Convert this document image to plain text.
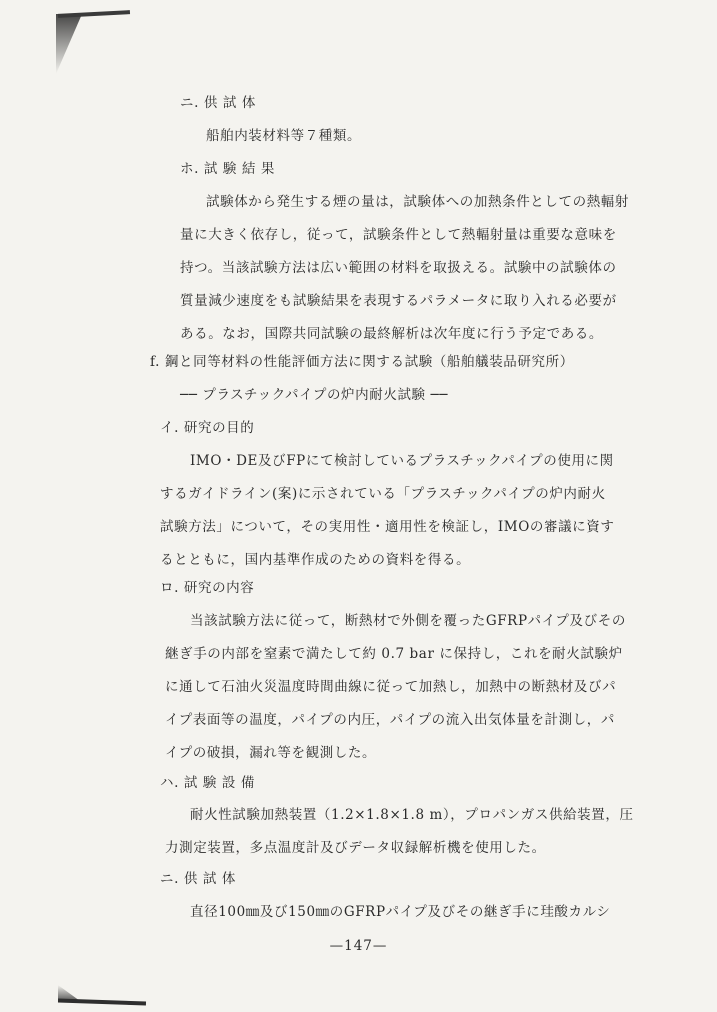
ニ. 供 試 体
船舶内装材料等７種類。
ホ. 試 験 結 果
試験体から発生する煙の量は，試験体への加熱条件としての熱輻射
量に大きく依存し，従って，試験条件として熱輻射量は重要な意味を
持つ。当該試験方法は広い範囲の材料を取扱える。試験中の試験体の
質量減少速度をも試験結果を表現するパラメータに取り入れる必要が
ある。なお，国際共同試験の最終解析は次年度に行う予定である。
f. 鋼と同等材料の性能評価方法に関する試験（船舶艤装品研究所）
── プラスチックパイプの炉内耐火試験 ──
イ. 研究の目的
IMO・DE及びFPにて検討しているプラスチックパイプの使用に関
するガイドライン(案)に示されている「プラスチックパイプの炉内耐火
試験方法」について，その実用性・適用性を検証し，IMOの審議に資す
るとともに，国内基準作成のための資料を得る。
ロ. 研究の内容
当該試験方法に従って，断熱材で外側を覆ったGFRPパイプ及びその
継ぎ手の内部を窒素で満たして約 0.7 bar に保持し，これを耐火試験炉
に通して石油火災温度時間曲線に従って加熱し，加熱中の断熱材及びパ
イプ表面等の温度，パイプの内圧，パイプの流入出気体量を計測し，パ
イプの破損，漏れ等を観測した。
ハ. 試 験 設 備
耐火性試験加熱装置（1.2×1.8×1.8 m），プロパンガス供給装置，圧
力測定装置，多点温度計及びデータ収録解析機を使用した。
ニ. 供 試 体
直径100㎜及び150㎜のGFRPパイプ及びその継ぎ手に珪酸カルシ
—147—
